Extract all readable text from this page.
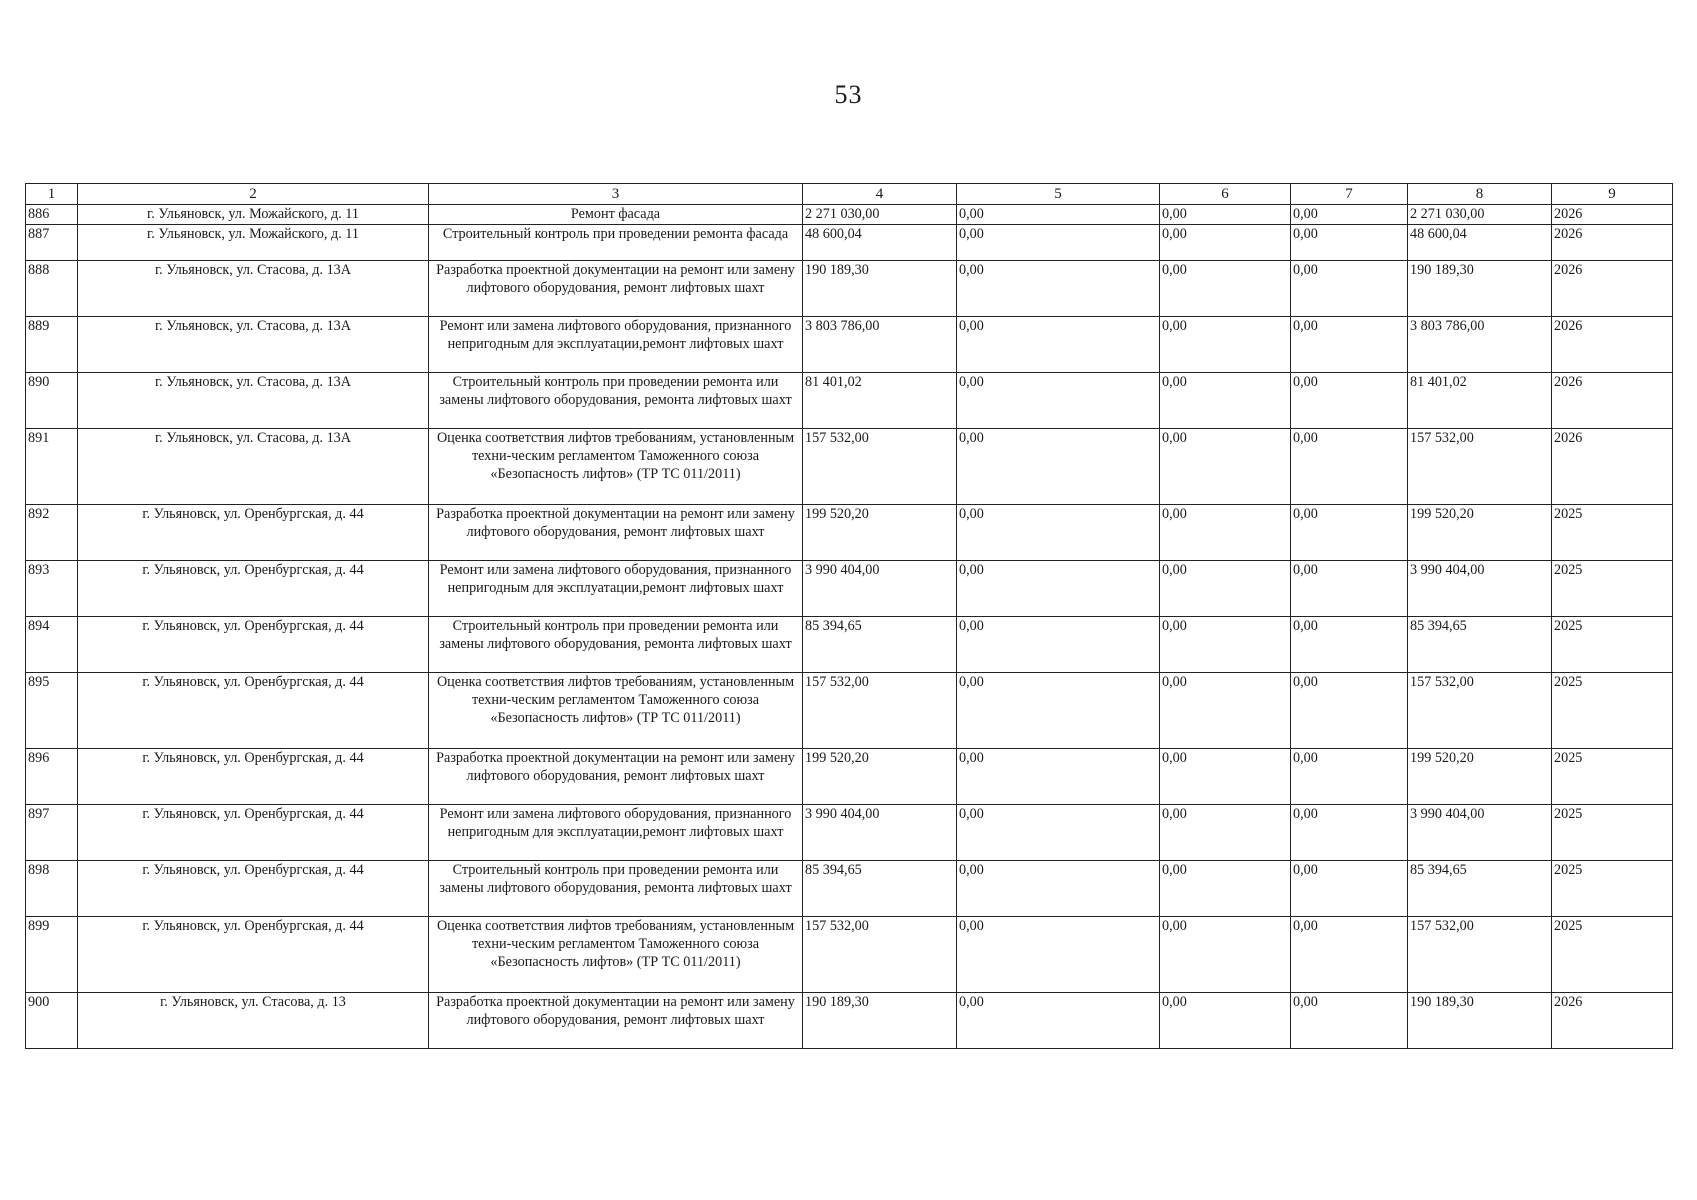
53
1	2	3	4	5	6	7	8	9
886	г. Ульяновск, ул. Можайского, д. 11	Ремонт фасада	2 271 030,00	0,00	0,00	0,00	2 271 030,00	2026
887	г. Ульяновск, ул. Можайского, д. 11	Строительный контроль при проведении ремонта фасада	48 600,04	0,00	0,00	0,00	48 600,04	2026
888	г. Ульяновск, ул. Стасова, д. 13А	Разработка проектной документации на ремонт или замену лифтового оборудования, ремонт лифтовых шахт	190 189,30	0,00	0,00	0,00	190 189,30	2026
889	г. Ульяновск, ул. Стасова, д. 13А	Ремонт или замена лифтового оборудования, признанного непригодным для эксплуатации,ремонт лифтовых шахт	3 803 786,00	0,00	0,00	0,00	3 803 786,00	2026
890	г. Ульяновск, ул. Стасова, д. 13А	Строительный контроль при проведении ремонта или замены лифтового оборудования, ремонта лифтовых шахт	81 401,02	0,00	0,00	0,00	81 401,02	2026
891	г. Ульяновск, ул. Стасова, д. 13А	Оценка соответствия лифтов требованиям, установленным техни-ческим регламентом Таможенного союза «Безопасность лифтов» (ТР ТС 011/2011)	157 532,00	0,00	0,00	0,00	157 532,00	2026
892	г. Ульяновск, ул. Оренбургская, д. 44	Разработка проектной документации на ремонт или замену лифтового оборудования, ремонт лифтовых шахт	199 520,20	0,00	0,00	0,00	199 520,20	2025
893	г. Ульяновск, ул. Оренбургская, д. 44	Ремонт или замена лифтового оборудования, признанного непригодным для эксплуатации,ремонт лифтовых шахт	3 990 404,00	0,00	0,00	0,00	3 990 404,00	2025
894	г. Ульяновск, ул. Оренбургская, д. 44	Строительный контроль при проведении ремонта или замены лифтового оборудования, ремонта лифтовых шахт	85 394,65	0,00	0,00	0,00	85 394,65	2025
895	г. Ульяновск, ул. Оренбургская, д. 44	Оценка соответствия лифтов требованиям, установленным техни-ческим регламентом Таможенного союза «Безопасность лифтов» (ТР ТС 011/2011)	157 532,00	0,00	0,00	0,00	157 532,00	2025
896	г. Ульяновск, ул. Оренбургская, д. 44	Разработка проектной документации на ремонт или замену лифтового оборудования, ремонт лифтовых шахт	199 520,20	0,00	0,00	0,00	199 520,20	2025
897	г. Ульяновск, ул. Оренбургская, д. 44	Ремонт или замена лифтового оборудования, признанного непригодным для эксплуатации,ремонт лифтовых шахт	3 990 404,00	0,00	0,00	0,00	3 990 404,00	2025
898	г. Ульяновск, ул. Оренбургская, д. 44	Строительный контроль при проведении ремонта или замены лифтового оборудования, ремонта лифтовых шахт	85 394,65	0,00	0,00	0,00	85 394,65	2025
899	г. Ульяновск, ул. Оренбургская, д. 44	Оценка соответствия лифтов требованиям, установленным техни-ческим регламентом Таможенного союза «Безопасность лифтов» (ТР ТС 011/2011)	157 532,00	0,00	0,00	0,00	157 532,00	2025
900	г. Ульяновск, ул. Стасова, д. 13	Разработка проектной документации на ремонт или замену лифтового оборудования, ремонт лифтовых шахт	190 189,30	0,00	0,00	0,00	190 189,30	2026
